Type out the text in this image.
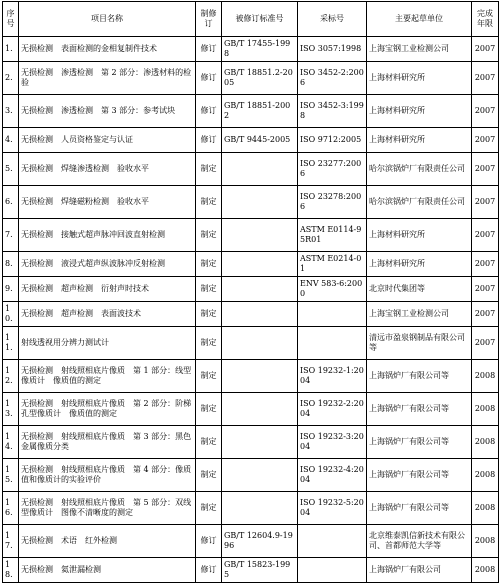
序号	项目名称	制修订	被修订标准号	采标号	主要起草单位	完成年限
1.	无损检测　表面检测的金相复制件技术	修订	GB/T 17455-1998	ISO 3057:1998	上海宝钢工业检测公司	2007
2.	无损检测　渗透检测　第 2 部分：渗透材料的检验	修订	GB/T 18851.2-2005	ISO 3452-2:2006	上海材料研究所	2007
3.	无损检测　渗透检测　第 3 部分：参考试块	修订	GB/T 18851-2002	ISO 3452-3:1998	上海材料研究所	2007
4.	无损检测　人员资格鉴定与认证	修订	GB/T 9445-2005	ISO 9712:2005	上海材料研究所	2007
5.	无损检测　焊缝渗透检测　验收水平	制定		ISO 23277:2006	哈尔滨锅炉厂有限责任公司	2007
6.	无损检测　焊缝磁粉检测　验收水平	制定		ISO 23278:2006	哈尔滨锅炉厂有限责任公司	2007
7.	无损检测　接触式超声脉冲回波直射检测	制定		ASTM E0114-95R01	上海材料研究所	2007
8.	无损检测　液浸式超声纵波脉冲反射检测	制定		ASTM E0214-01	上海材料研究所	2007
9.	无损检测　超声检测　衍射声时技术	制定		ENV 583-6:2000	北京时代集团等	2007
10.	无损检测　超声检测　表面波技术	制定			上海宝钢工业检测公司	2007
11.	射线透视用分辨力测试计	制定			清远市盈泉钢制品有限公司等	2007
12.	无损检测　射线照相底片像质　第 1 部分：线型像质计　像质值的测定	制定		ISO 19232-1:2004	上海锅炉厂有限公司等	2008
13.	无损检测　射线照相底片像质　第 2 部分：阶梯孔型像质计　像质值的测定	制定		ISO 19232-2:2004	上海锅炉厂有限公司等	2008
14.	无损检测　射线照相底片像质　第 3 部分：黑色金属像质分类	制定		ISO 19232-3:2004	上海锅炉厂有限公司等	2008
15.	无损检测　射线照相底片像质　第 4 部分：像质值和像质计的实验评价	制定		ISO 19232-4:2004	上海锅炉厂有限公司等	2008
16.	无损检测　射线照相底片像质　第 5 部分：双线型像质计　图像不清晰度的测定	制定		ISO 19232-5:2004	上海锅炉厂有限公司等	2008
17.	无损检测　术语　红外检测	修订	GB/T 12604.9-1996		北京维泰凯信新技术有限公司、首都师范大学等	2008
18.	无损检测　氦泄漏检测	修订	GB/T 15823-1995		上海锅炉厂有限公司	2008
